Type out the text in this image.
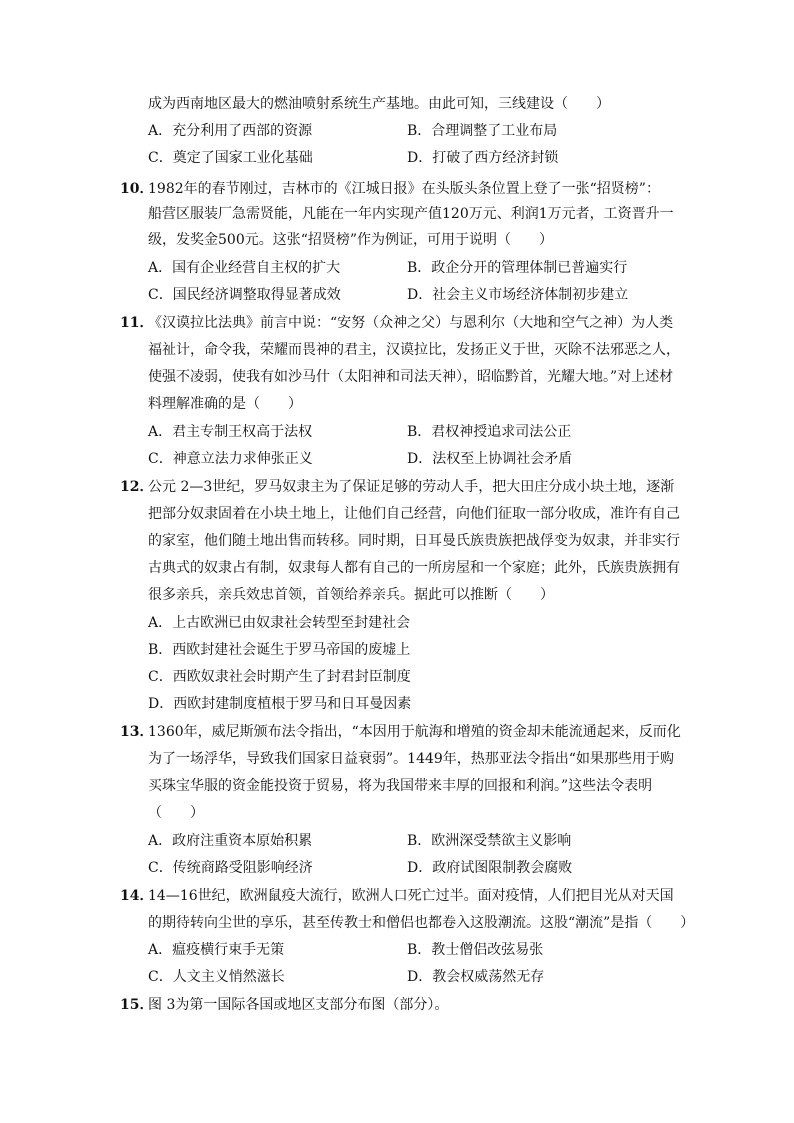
成为西南地区最大的燃油喷射系统生产基地。由此可知，三线建设（　　）
A．充分利用了西部的资源	B．合理调整了工业布局
C．奠定了国家工业化基础	D．打破了西方经济封锁
10．
1982年的春节刚过，吉林市的《江城日报》在头版头条位置上登了一张“招贤榜”：
船营区服装厂急需贤能，凡能在一年内实现产值120万元、利润1万元者，工资晋升一
级，发奖金500元。这张“招贤榜”作为例证，可用于说明（　　）
A．国有企业经营自主权的扩大	B．政企分开的管理体制已普遍实行
C．国民经济调整取得显著成效	D．社会主义市场经济体制初步建立
11．
《汉谟拉比法典》前言中说：“安努（众神之父）与恩利尔（大地和空气之神）为人类
福祉计，命令我，荣耀而畏神的君主，汉谟拉比，发扬正义于世，灭除不法邪恶之人，
使强不凌弱，使我有如沙马什（太阳神和司法天神），昭临黔首，光耀大地。”对上述材
料理解准确的是（　　）
A．君主专制王权高于法权	B．君权神授追求司法公正
C．神意立法力求伸张正义	D．法权至上协调社会矛盾
12．
公元 2—3世纪，罗马奴隶主为了保证足够的劳动人手，把大田庄分成小块土地，逐渐
把部分奴隶固着在小块土地上，让他们自己经营，向他们征取一部分收成，准许有自己
的家室，他们随土地出售而转移。同时期，日耳曼氏族贵族把战俘变为奴隶，并非实行
古典式的奴隶占有制，奴隶每人都有自己的一所房屋和一个家庭；此外，氏族贵族拥有
很多亲兵，亲兵效忠首领，首领给养亲兵。据此可以推断（　　）
A．上古欧洲已由奴隶社会转型至封建社会
B．西欧封建社会诞生于罗马帝国的废墟上
C．西欧奴隶社会时期产生了封君封臣制度
D．西欧封建制度植根于罗马和日耳曼因素
13．
1360年，威尼斯颁布法令指出，“本因用于航海和增殖的资金却未能流通起来，反而化
为了一场浮华，导致我们国家日益衰弱”。1449年，热那亚法令指出“如果那些用于购
买珠宝华服的资金能投资于贸易，将为我国带来丰厚的回报和利润。”这些法令表明
（　　）
A．政府注重资本原始积累	B．欧洲深受禁欲主义影响
C．传统商路受阻影响经济	D．政府试图限制教会腐败
14．
14—16世纪，欧洲鼠疫大流行，欧洲人口死亡过半。面对疫情，人们把目光从对天国
的期待转向尘世的享乐，甚至传教士和僧侣也都卷入这股潮流。这股“潮流”是指（　　）
A．瘟疫横行束手无策	B．教士僧侣改弦易张
C．人文主义悄然滋长	D．教会权威荡然无存
15．
图 3为第一国际各国或地区支部分布图（部分）。
